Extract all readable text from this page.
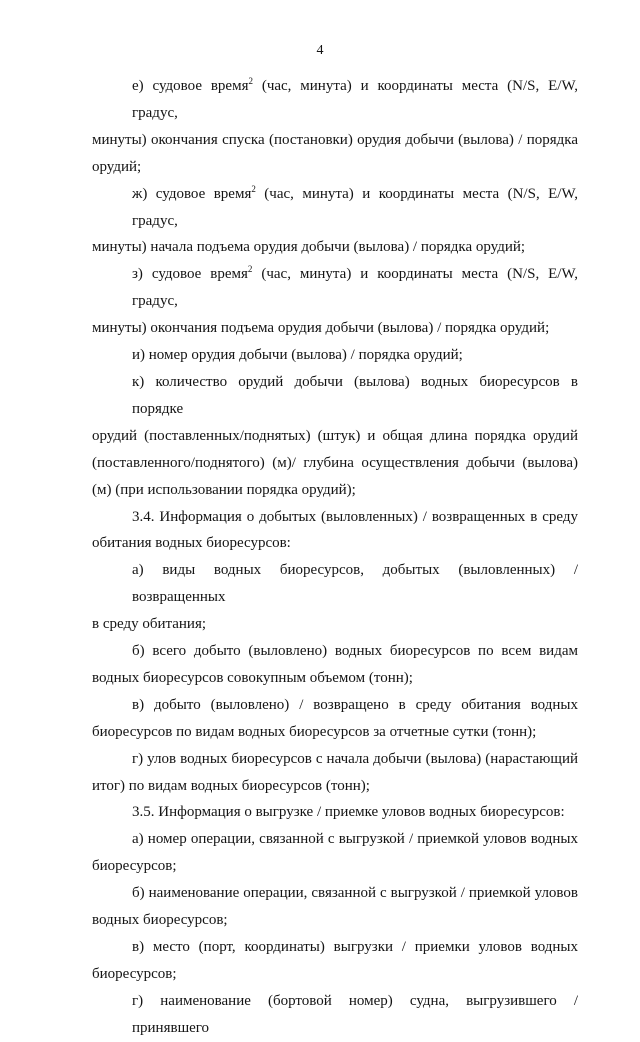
4

е) судовое время$^2$ (час, минута) и координаты места (N/S, E/W, градус,
минуты) окончания спуска (постановки) орудия добычи (вылова) / порядка
орудий;

ж) судовое время$^2$ (час, минута) и координаты места (N/S, E/W, градус,
минуты) начала подъема орудия добычи (вылова) / порядка орудий;

з) судовое время$^2$ (час, минута) и координаты места (N/S, E/W, градус,
минуты) окончания подъема орудия добычи (вылова) / порядка орудий;

и) номер орудия добычи (вылова) / порядка орудий;

к) количество орудий добычи (вылова) водных биоресурсов в порядке
орудий (поставленных/поднятых) (штук) и общая длина порядка орудий
(поставленного/поднятого) (м)/ глубина осуществления добычи (вылова)
(м) (при использовании порядка орудий);

3.4. Информация о добытых (выловленных) / возвращенных в среду
обитания водных биоресурсов:

а) виды водных биоресурсов, добытых (выловленных) / возвращенных
в среду обитания;

б) всего добыто (выловлено) водных биоресурсов по всем видам
водных биоресурсов совокупным объемом (тонн);

в) добыто (выловлено) / возвращено в среду обитания водных
биоресурсов по видам водных биоресурсов за отчетные сутки (тонн);

г) улов водных биоресурсов с начала добычи (вылова) (нарастающий
итог) по видам водных биоресурсов (тонн);

3.5. Информация о выгрузке / приемке уловов водных биоресурсов:

а) номер операции, связанной с выгрузкой / приемкой уловов водных
биоресурсов;

б) наименование операции, связанной с выгрузкой / приемкой уловов
водных биоресурсов;

в) место (порт, координаты) выгрузки / приемки уловов водных
биоресурсов;

г) наименование (бортовой номер) судна, выгрузившего / принявшего
